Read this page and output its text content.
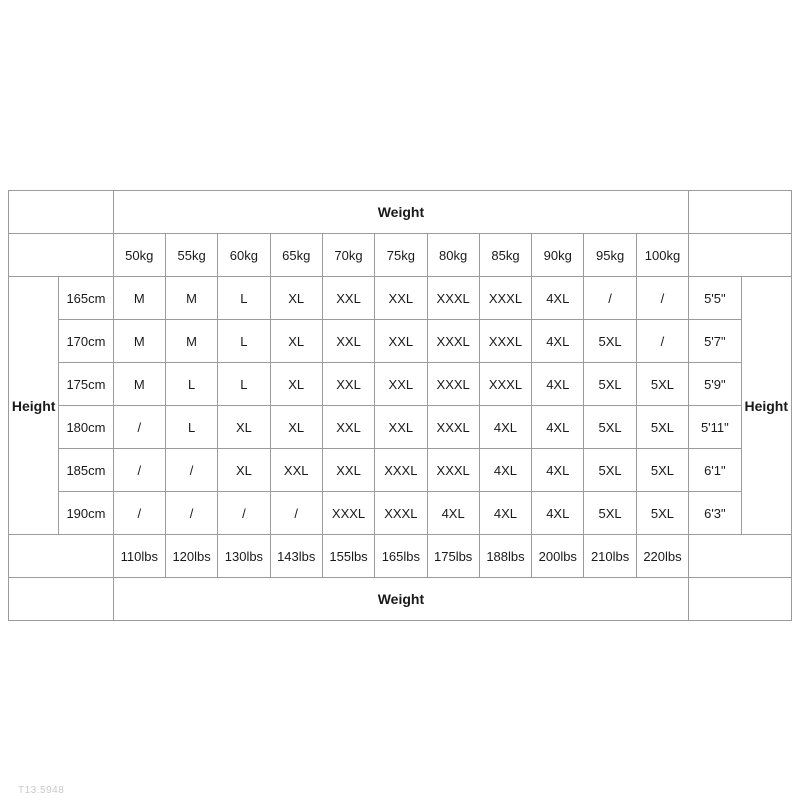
		Weight												
		50kg	55kg	60kg	65kg	70kg	75kg	80kg	85kg	90kg	95kg	100kg		
Height	165cm	M	M	L	XL	XXL	XXL	XXXL	XXXL	4XL	/	/	5'5"	Height
	170cm	M	M	L	XL	XXL	XXL	XXXL	XXXL	4XL	5XL	/	5'7"	
	175cm	M	L	L	XL	XXL	XXL	XXXL	XXXL	4XL	5XL	5XL	5'9"	
	180cm	/	L	XL	XL	XXL	XXL	XXXL	4XL	4XL	5XL	5XL	5'11"	
	185cm	/	/	XL	XXL	XXL	XXXL	XXXL	4XL	4XL	5XL	5XL	6'1"	
	190cm	/	/	/	/	XXXL	XXXL	4XL	4XL	4XL	5XL	5XL	6'3"	
		110lbs	120lbs	130lbs	143lbs	155lbs	165lbs	175lbs	188lbs	200lbs	210lbs	220lbs		
		Weight												
T13.5948
